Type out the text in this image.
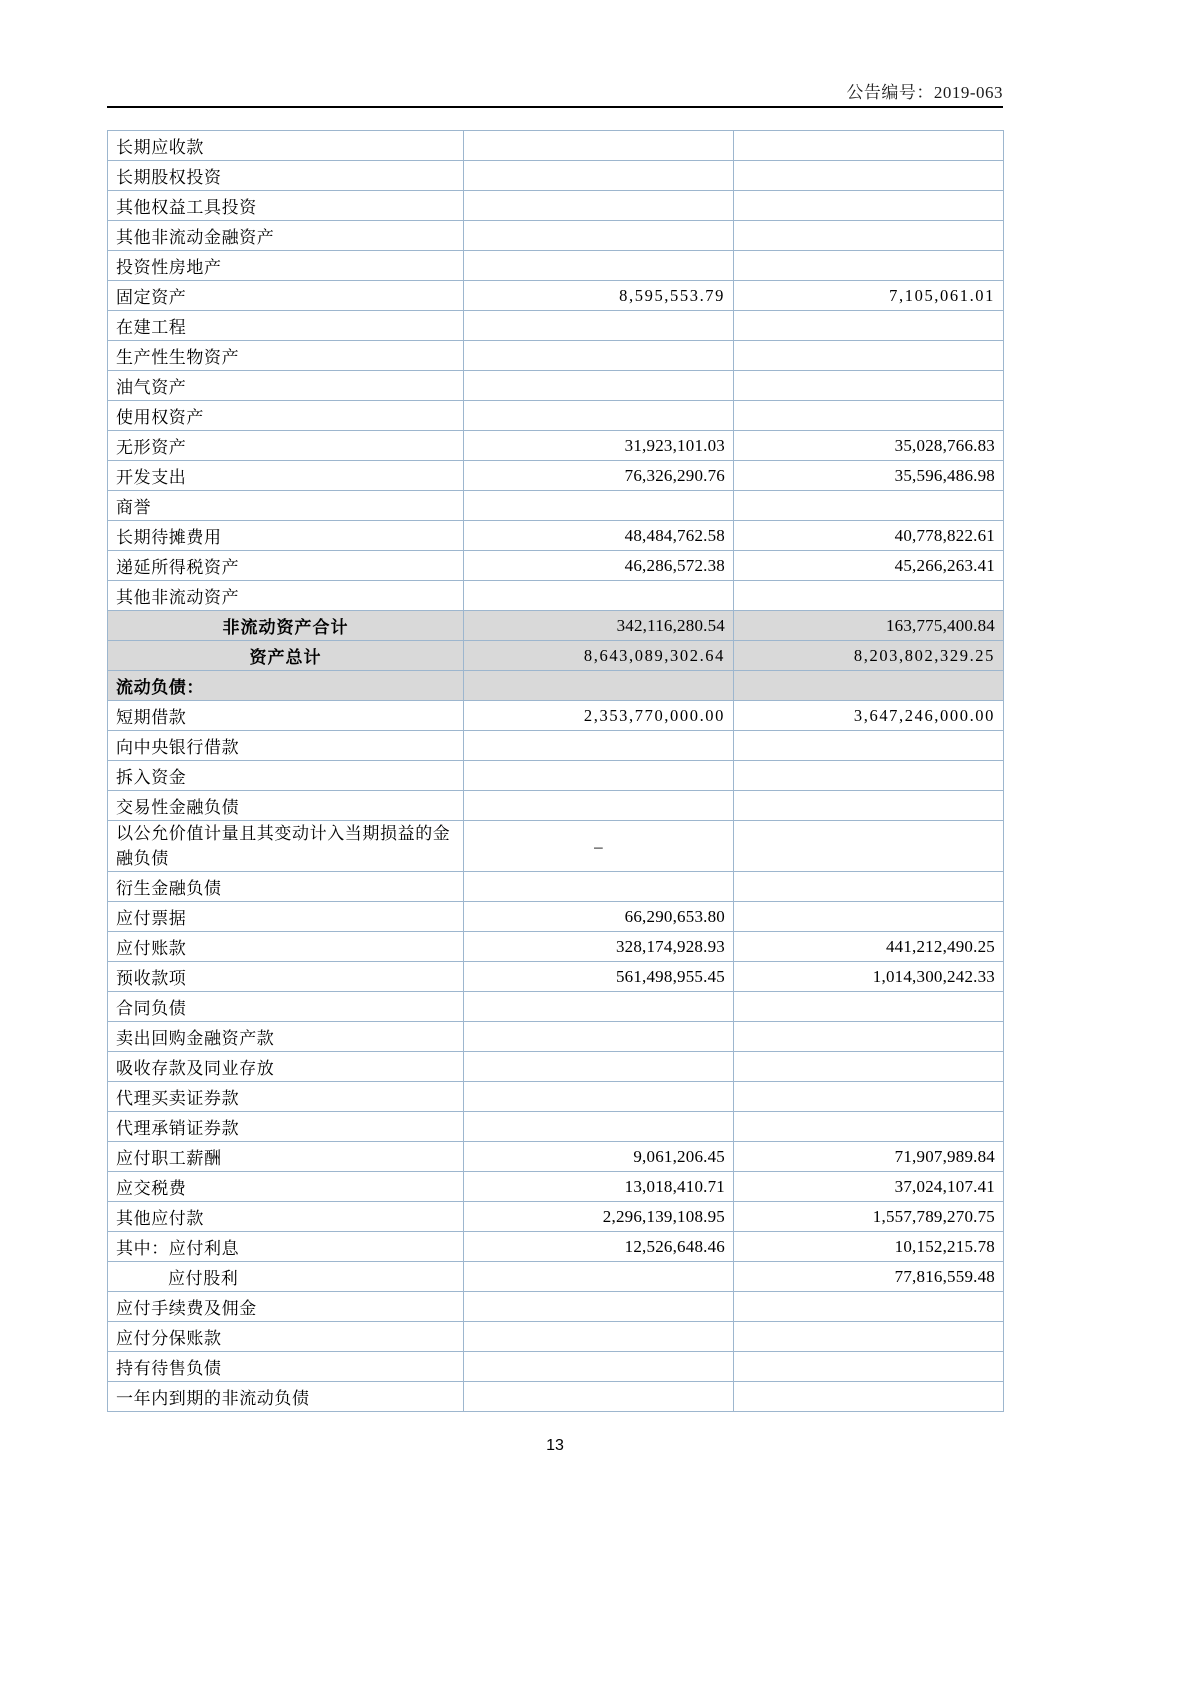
公告编号：2019-063
长期应收款		
长期股权投资		
其他权益工具投资		
其他非流动金融资产		
投资性房地产		
固定资产	8,595,553.79	7,105,061.01
在建工程		
生产性生物资产		
油气资产		
使用权资产		
无形资产	31,923,101.03	35,028,766.83
开发支出	76,326,290.76	35,596,486.98
商誉		
长期待摊费用	48,484,762.58	40,778,822.61
递延所得税资产	46,286,572.38	45,266,263.41
其他非流动资产		
非流动资产合计	342,116,280.54	163,775,400.84
资产总计	8,643,089,302.64	8,203,802,329.25
流动负债：		
短期借款	2,353,770,000.00	3,647,246,000.00
向中央银行借款		
拆入资金		
交易性金融负债		
以公允价值计量且其变动计入当期损益的金融负债	–	
衍生金融负债		
应付票据	66,290,653.80	
应付账款	328,174,928.93	441,212,490.25
预收款项	561,498,955.45	1,014,300,242.33
合同负债		
卖出回购金融资产款		
吸收存款及同业存放		
代理买卖证券款		
代理承销证券款		
应付职工薪酬	9,061,206.45	71,907,989.84
应交税费	13,018,410.71	37,024,107.41
其他应付款	2,296,139,108.95	1,557,789,270.75
其中：应付利息	12,526,648.46	10,152,215.78
应付股利		77,816,559.48
应付手续费及佣金		
应付分保账款		
持有待售负债		
一年内到期的非流动负债		
13
